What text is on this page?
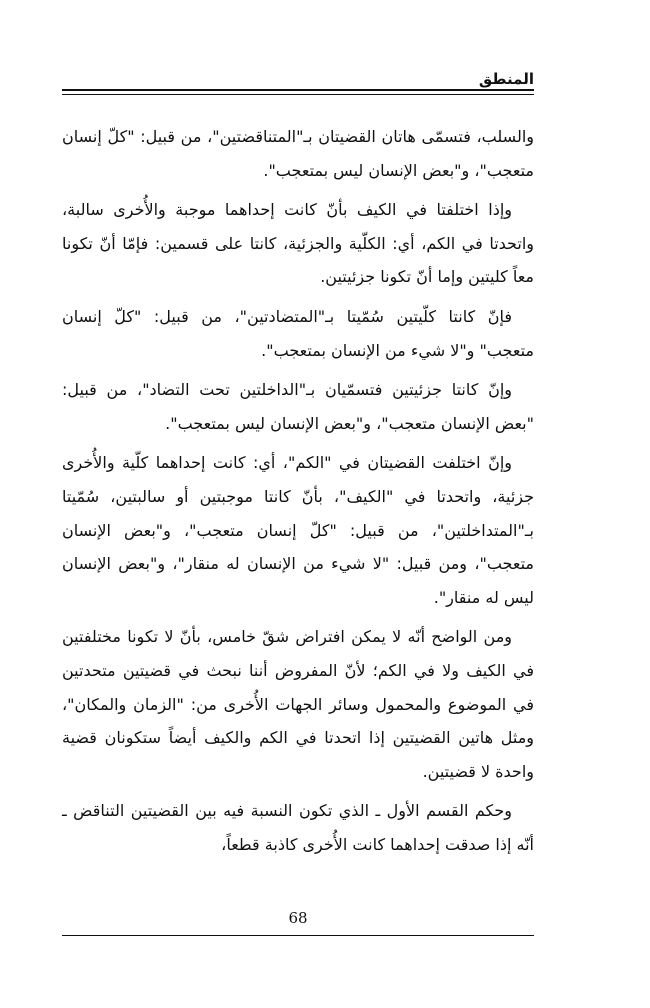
المنطق

والسلب، فتسمّى هاتان القضيتان بـ"المتناقضتين"، من قبيل: "كلّ إنسان متعجب"، و"بعض الإنسان ليس بمتعجب".

وإذا اختلفتا في الكيف بأنّ كانت إحداهما موجبة والأُخرى سالبة، واتحدتا في الكم، أي: الكلّية والجزئية، كانتا على قسمين: فإمّا أنّ تكونا معاً كليتين وإما أنّ تكونا جزئيتين.

فإنّ كانتا كلّيتين سُمّيتا بـ"المتضادتين"، من قبيل: "كلّ إنسان متعجب" و"لا شيء من الإنسان بمتعجب".

وإنّ كانتا جزئيتين فتسمّيان بـ"الداخلتين تحت التضاد"، من قبيل: "بعض الإنسان متعجب"، و"بعض الإنسان ليس بمتعجب".

وإنّ اختلفت القضيتان في "الكم"، أي: كانت إحداهما كلّية والأُخرى جزئية، واتحدتا في "الكيف"، بأنّ كانتا موجبتين أو سالبتين، سُمّيتا بـ"المتداخلتين"، من قبيل: "كلّ إنسان متعجب"، و"بعض الإنسان متعجب"، ومن قبيل: "لا شيء من الإنسان له منقار"، و"بعض الإنسان ليس له منقار".

ومن الواضح أنّه لا يمكن افتراض شقّ خامس، بأنّ لا تكونا مختلفتين في الكيف ولا في الكم؛ لأنّ المفروض أننا نبحث في قضيتين متحدتين في الموضوع والمحمول وسائر الجهات الأُخرى من: "الزمان والمكان"، ومثل هاتين القضيتين إذا اتحدتا في الكم والكيف أيضاً ستكونان قضية واحدة لا قضيتين.

وحكم القسم الأول ـ الذي تكون النسبة فيه بين القضيتين التناقض ـ أنّه إذا صدقت إحداهما كانت الأُخرى كاذبة قطعاً،

68
